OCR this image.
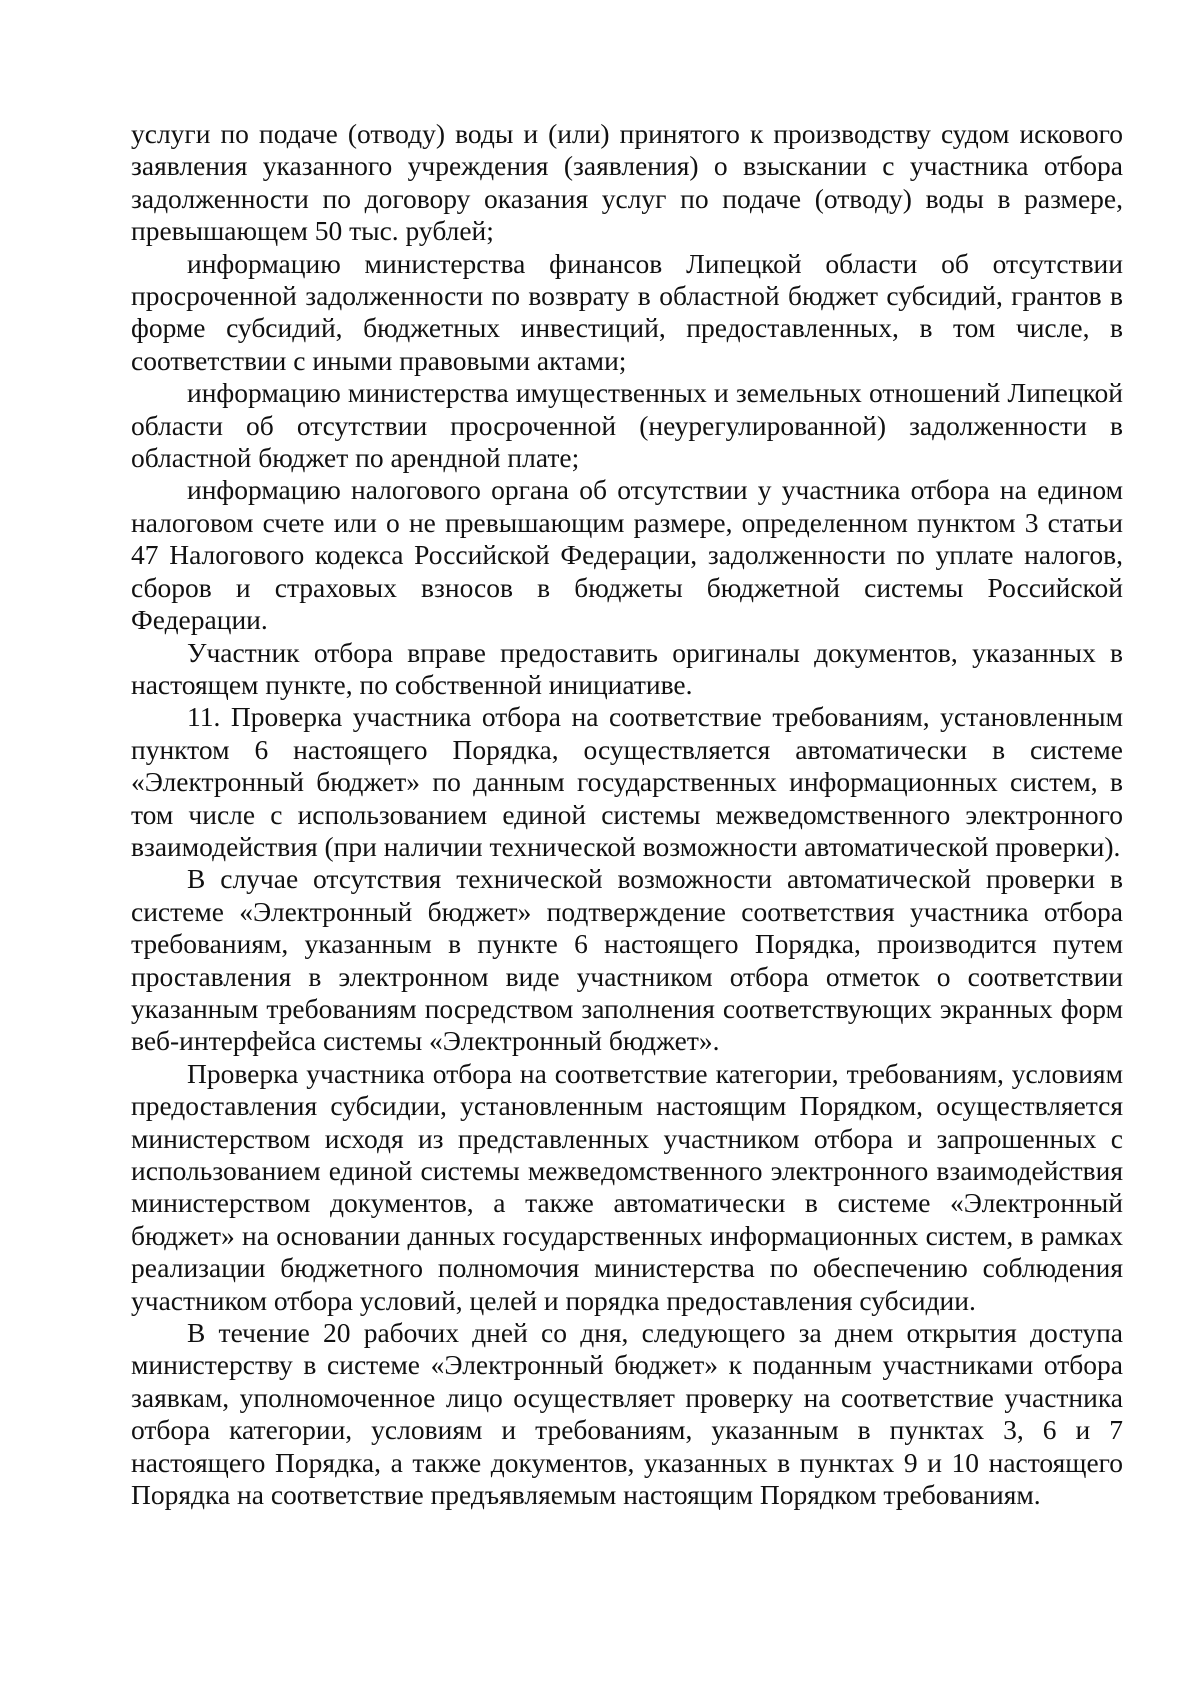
услуги по подаче (отводу) воды и (или) принятого к производству судом искового заявления указанного учреждения (заявления) о взыскании с участника отбора задолженности по договору оказания услуг по подаче (отводу) воды в размере, превышающем 50 тыс. рублей;

информацию министерства финансов Липецкой области об отсутствии просроченной задолженности по возврату в областной бюджет субсидий, грантов в форме субсидий, бюджетных инвестиций, предоставленных, в том числе, в соответствии с иными правовыми актами;

информацию министерства имущественных и земельных отношений Липецкой области об отсутствии просроченной (неурегулированной) задолженности в областной бюджет по арендной плате;

информацию налогового органа об отсутствии у участника отбора на едином налоговом счете или о не превышающим размере, определенном пунктом 3 статьи 47 Налогового кодекса Российской Федерации, задолженности по уплате налогов, сборов и страховых взносов в бюджеты бюджетной системы Российской Федерации.

Участник отбора вправе предоставить оригиналы документов, указанных в настоящем пункте, по собственной инициативе.

11. Проверка участника отбора на соответствие требованиям, установленным пунктом 6 настоящего Порядка, осуществляется автоматически в системе «Электронный бюджет» по данным государственных информационных систем, в том числе с использованием единой системы межведомственного электронного взаимодействия (при наличии технической возможности автоматической проверки).

В случае отсутствия технической возможности автоматической проверки в системе «Электронный бюджет» подтверждение соответствия участника отбора требованиям, указанным в пункте 6 настоящего Порядка, производится путем проставления в электронном виде участником отбора отметок о соответствии указанным требованиям посредством заполнения соответствующих экранных форм веб-интерфейса системы «Электронный бюджет».

Проверка участника отбора на соответствие категории, требованиям, условиям предоставления субсидии, установленным настоящим Порядком, осуществляется министерством исходя из представленных участником отбора и запрошенных с использованием единой системы межведомственного электронного взаимодействия министерством документов, а также автоматически в системе «Электронный бюджет» на основании данных государственных информационных систем, в рамках реализации бюджетного полномочия министерства по обеспечению соблюдения участником отбора условий, целей и порядка предоставления субсидии.

В течение 20 рабочих дней со дня, следующего за днем открытия доступа министерству в системе «Электронный бюджет» к поданным участниками отбора заявкам, уполномоченное лицо осуществляет проверку на соответствие участника отбора категории, условиям и требованиям, указанным в пунктах 3, 6 и 7 настоящего Порядка, а также документов, указанных в пунктах 9 и 10 настоящего Порядка на соответствие предъявляемым настоящим Порядком требованиям.
